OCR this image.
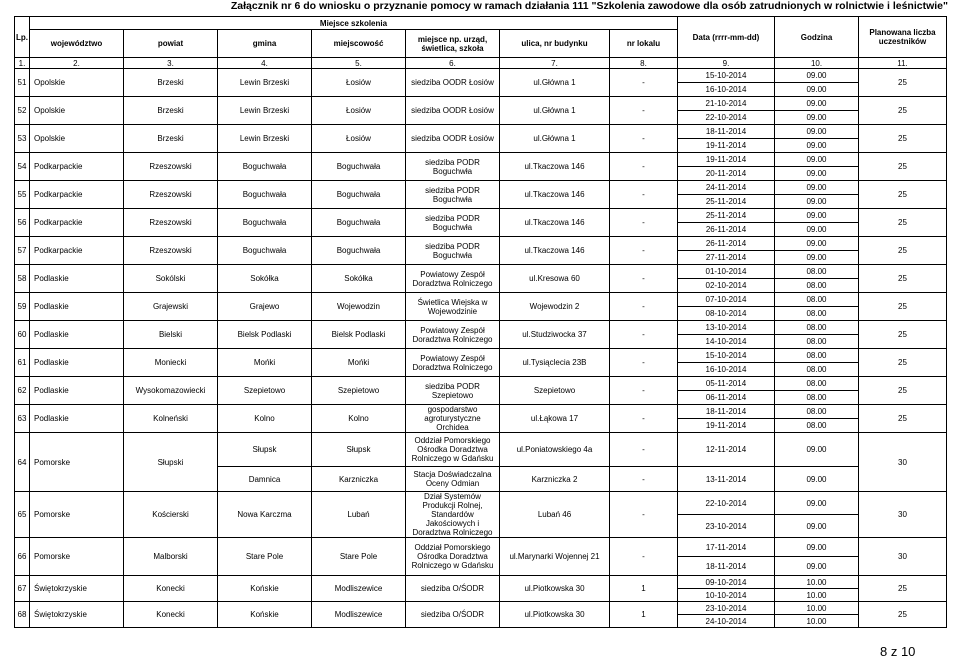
Załącznik nr 6 do wniosku o przyznanie pomocy w ramach działania 111 "Szkolenia zawodowe dla osób zatrudnionych w rolnictwie i leśnictwie"
Lp.	Miejsce szkolenia							Data (rrrr-mm-dd)	Godzina	Planowana liczba uczestników
	województwo	powiat	gmina	miejscowość	miejsce np. urząd, świetlica, szkoła	ulica, nr budynku	nr lokalu			
1.	2.	3.	4.	5.	6.	7.	8.	9.	10.	11.
51	Opolskie	Brzeski	Lewin Brzeski	Łosiów	siedziba OODR Łosiów	ul.Główna 1	-	15-10-2014	09.00	25
								16-10-2014	09.00	
52	Opolskie	Brzeski	Lewin Brzeski	Łosiów	siedziba OODR Łosiów	ul.Główna 1	-	21-10-2014	09.00	25
								22-10-2014	09.00	
53	Opolskie	Brzeski	Lewin Brzeski	Łosiów	siedziba OODR Łosiów	ul.Główna 1	-	18-11-2014	09.00	25
								19-11-2014	09.00	
54	Podkarpackie	Rzeszowski	Boguchwała	Boguchwała	siedziba PODR Boguchwła	ul.Tkaczowa 146	-	19-11-2014	09.00	25
								20-11-2014	09.00	
55	Podkarpackie	Rzeszowski	Boguchwała	Boguchwała	siedziba PODR Boguchwła	ul.Tkaczowa 146	-	24-11-2014	09.00	25
								25-11-2014	09.00	
56	Podkarpackie	Rzeszowski	Boguchwała	Boguchwała	siedziba PODR Boguchwła	ul.Tkaczowa 146	-	25-11-2014	09.00	25
								26-11-2014	09.00	
57	Podkarpackie	Rzeszowski	Boguchwała	Boguchwała	siedziba PODR Boguchwła	ul.Tkaczowa 146	-	26-11-2014	09.00	25
								27-11-2014	09.00	
58	Podlaskie	Sokólski	Sokółka	Sokółka	Powiatowy Zespół Doradztwa Rolniczego	ul.Kresowa 60	-	01-10-2014	08.00	25
								02-10-2014	08.00	
59	Podlaskie	Grajewski	Grajewo	Wojewodzin	Świetlica Wiejska w Wojewodzinie	Wojewodzin 2	-	07-10-2014	08.00	25
								08-10-2014	08.00	
60	Podlaskie	Bielski	Bielsk Podlaski	Bielsk Podlaski	Powiatowy Zespół Doradztwa Rolniczego	ul.Studziwocka 37	-	13-10-2014	08.00	25
								14-10-2014	08.00	
61	Podlaskie	Moniecki	Mońki	Mońki	Powiatowy Zespół Doradztwa Rolniczego	ul.Tysiąclecia 23B	-	15-10-2014	08.00	25
								16-10-2014	08.00	
62	Podlaskie	Wysokomazowiecki	Szepietowo	Szepietowo	siedziba PODR Szepietowo	Szepietowo	-	05-11-2014	08.00	25
								06-11-2014	08.00	
63	Podlaskie	Kolneński	Kolno	Kolno	gospodarstwo agroturystyczne Orchidea	ul.Łąkowa 17	-	18-11-2014	08.00	25
								19-11-2014	08.00	
64	Pomorske	Słupski	Słupsk	Słupsk	Oddział Pomorskiego Ośrodka Doradztwa Rolniczego w Gdańsku	ul.Poniatowskiego 4a	-	12-11-2014	09.00	30
			Damnica	Karzniczka	Stacja Doświadczalna Oceny Odmian	Karzniczka 2	-	13-11-2014	09.00	
65	Pomorske	Kościerski	Nowa Karczma	Lubań	Dział Systemów Produkcji Rolnej, Standardów Jakościowych i Doradztwa Rolniczego	Lubań 46	-	22-10-2014	09.00	30
								23-10-2014	09.00	
66	Pomorske	Malborski	Stare Pole	Stare Pole	Oddział Pomorskiego Ośrodka Doradztwa Rolniczego w Gdańsku	ul.Marynarki Wojennej 21	-	17-11-2014	09.00	30
								18-11-2014	09.00	
67	Świętokrzyskie	Konecki	Końskie	Modliszewice	siedziba O/ŚODR	ul.Piotkowska 30	1	09-10-2014	10.00	25
								10-10-2014	10.00	
68	Świętokrzyskie	Konecki	Końskie	Modliszewice	siedziba O/ŚODR	ul.Piotkowska 30	1	23-10-2014	10.00	25
								24-10-2014	10.00	
8 z 10
